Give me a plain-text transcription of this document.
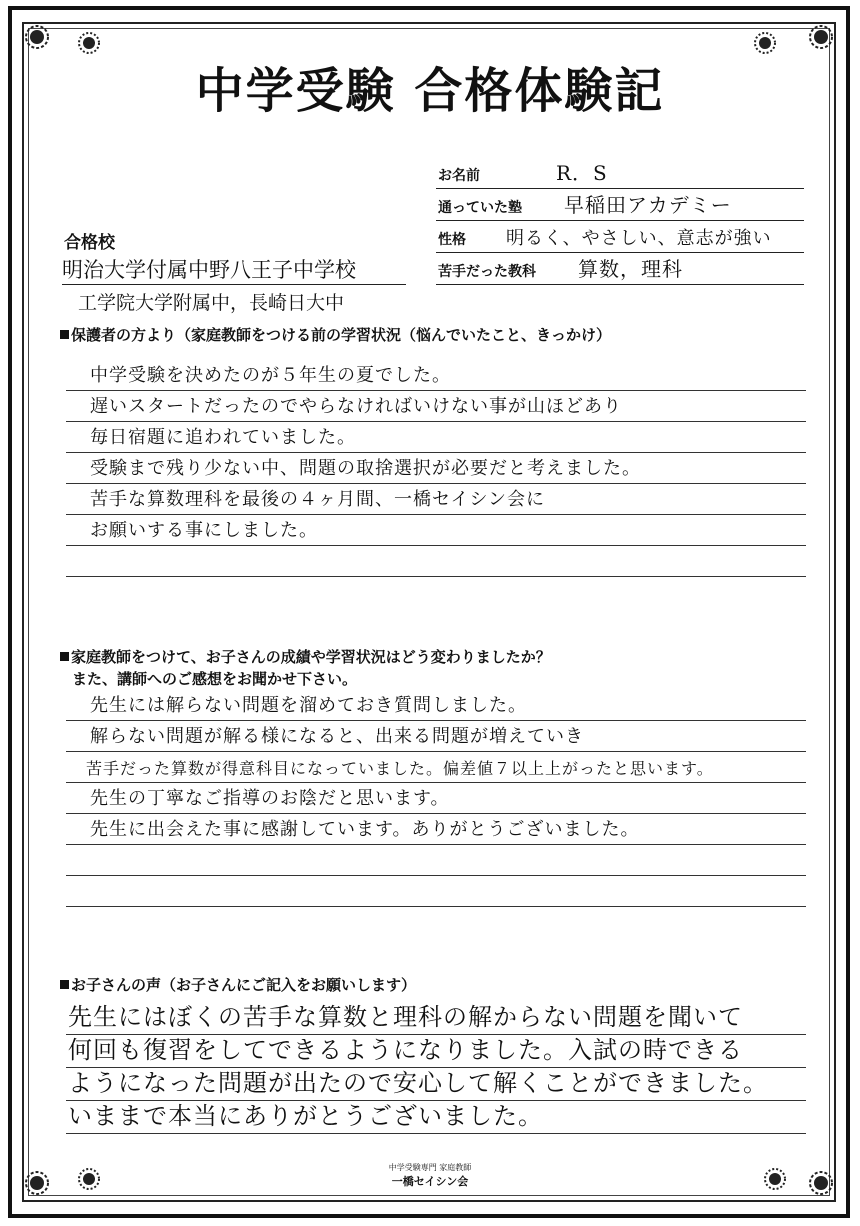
中学受験 合格体験記
お名前	R．S
通っていた塾 早稲田アカデミー
性格 明るく、やさしい、意志が強い
苦手だった教科 算数，理科
合格校
明治大学付属中野八王子中学校
工学院大学附属中，長崎日大中
保護者の方より（家庭教師をつける前の学習状況（悩んでいたこと、きっかけ）
中学受験を決めたのが５年生の夏でした。
遅いスタートだったのでやらなければいけない事が山ほどあり
毎日宿題に追われていました。
受験まで残り少ない中、問題の取捨選択が必要だと考えました。
苦手な算数理科を最後の４ヶ月間、一橋セイシン会に
お願いする事にしました。
家庭教師をつけて、お子さんの成績や学習状況はどう変わりましたか？
また、講師へのご感想をお聞かせ下さい。
先生には解らない問題を溜めておき質問しました。
解らない問題が解る様になると、出来る問題が増えていき
苦手だった算数が得意科目になっていました。偏差値７以上上がったと思います。
先生の丁寧なご指導のお陰だと思います。
先生に出会えた事に感謝しています。ありがとうございました。
お子さんの声（お子さんにご記入をお願いします）
先生にはぼくの苦手な算数と理科の解からない問題を聞いて
何回も復習をしてできるようになりました。入試の時できる
ようになった問題が出たので安心して解くことができました。
いままで本当にありがとうございました。
中学受験専門 家庭教師
一橋セイシン会
